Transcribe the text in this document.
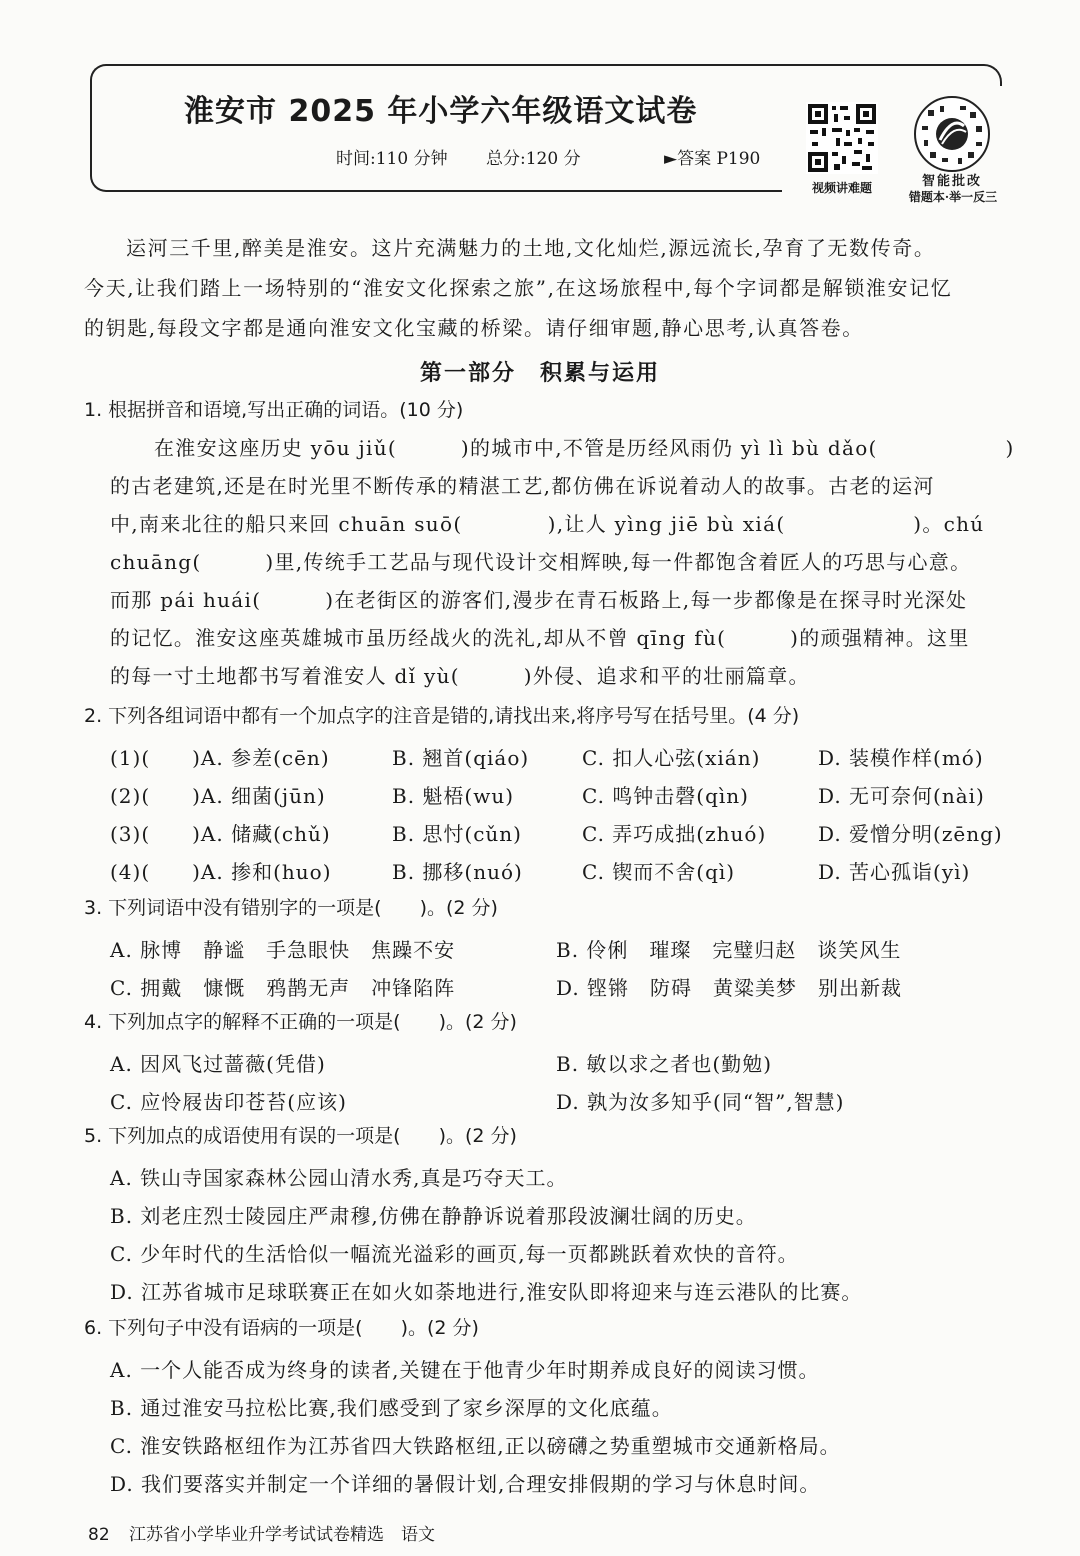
淮安市 2025 年小学六年级语文试卷
时间:110 分钟 总分:120 分	►答案 P190
视频讲难题	智能批改
错题本·举一反三
运河三千里,醉美是淮安。这片充满魅力的土地,文化灿烂,源远流长,孕育了无数传奇。
今天,让我们踏上一场特别的“淮安文化探索之旅”,在这场旅程中,每个字词都是解锁淮安记忆
的钥匙,每段文字都是通向淮安文化宝藏的桥梁。请仔细审题,静心思考,认真答卷。
第一部分　积累与运用
1. 根据拼音和语境,写出正确的词语。(10 分)
在淮安这座历史 yōu jiǔ(　　　)的城市中,不管是历经风雨仍 yì lì bù dǎo(　　　　　　)
的古老建筑,还是在时光里不断传承的精湛工艺,都仿佛在诉说着动人的故事。古老的运河
中,南来北往的船只来回 chuān suō(　　　　),让人 yìng jiē bù xiá(　　　　　　)。chú
chuāng(　　　)里,传统手工艺品与现代设计交相辉映,每一件都饱含着匠人的巧思与心意。
而那 pái huái(　　　)在老街区的游客们,漫步在青石板路上,每一步都像是在探寻时光深处
的记忆。淮安这座英雄城市虽历经战火的洗礼,却从不曾 qīng fù(　　　)的顽强精神。这里
的每一寸土地都书写着淮安人 dǐ yù(　　　)外侵、追求和平的壮丽篇章。
2. 下列各组词语中都有一个加点字的注音是错的,请找出来,将序号写在括号里。(4 分)
(1)(　　)A. 参差(cēn)	B. 翘首(qiáo)	C. 扣人心弦(xián)	D. 装模作样(mó)
(2)(　　)A. 细菌(jūn)	B. 魁梧(wu)	C. 鸣钟击磬(qìn)	D. 无可奈何(nài)
(3)(　　)A. 储藏(chǔ)	B. 思忖(cǔn)	C. 弄巧成拙(zhuó)	D. 爱憎分明(zēng)
(4)(　　)A. 掺和(huo)	B. 挪移(nuó)	C. 锲而不舍(qì)	D. 苦心孤诣(yì)
3. 下列词语中没有错别字的一项是(　　)。(2 分)
A. 脉博　静谧　手急眼快　焦躁不安	B. 伶俐　璀璨　完璧归赵　谈笑风生
C. 拥戴　慷慨　鸦鹊无声　冲锋陷阵	D. 铿锵　防碍　黄粱美梦　别出新裁
4. 下列加点字的解释不正确的一项是(　　)。(2 分)
A. 因风飞过蔷薇(凭借)	B. 敏以求之者也(勤勉)
C. 应怜屐齿印苍苔(应该)	D. 孰为汝多知乎(同“智”,智慧)
5. 下列加点的成语使用有误的一项是(　　)。(2 分)
A. 铁山寺国家森林公园山清水秀,真是巧夺天工。
B. 刘老庄烈士陵园庄严肃穆,仿佛在静静诉说着那段波澜壮阔的历史。
C. 少年时代的生活恰似一幅流光溢彩的画页,每一页都跳跃着欢快的音符。
D. 江苏省城市足球联赛正在如火如荼地进行,淮安队即将迎来与连云港队的比赛。
6. 下列句子中没有语病的一项是(　　)。(2 分)
A. 一个人能否成为终身的读者,关键在于他青少年时期养成良好的阅读习惯。
B. 通过淮安马拉松比赛,我们感受到了家乡深厚的文化底蕴。
C. 淮安铁路枢纽作为江苏省四大铁路枢纽,正以磅礴之势重塑城市交通新格局。
D. 我们要落实并制定一个详细的暑假计划,合理安排假期的学习与休息时间。
82 江苏省小学毕业升学考试试卷精选　语文
